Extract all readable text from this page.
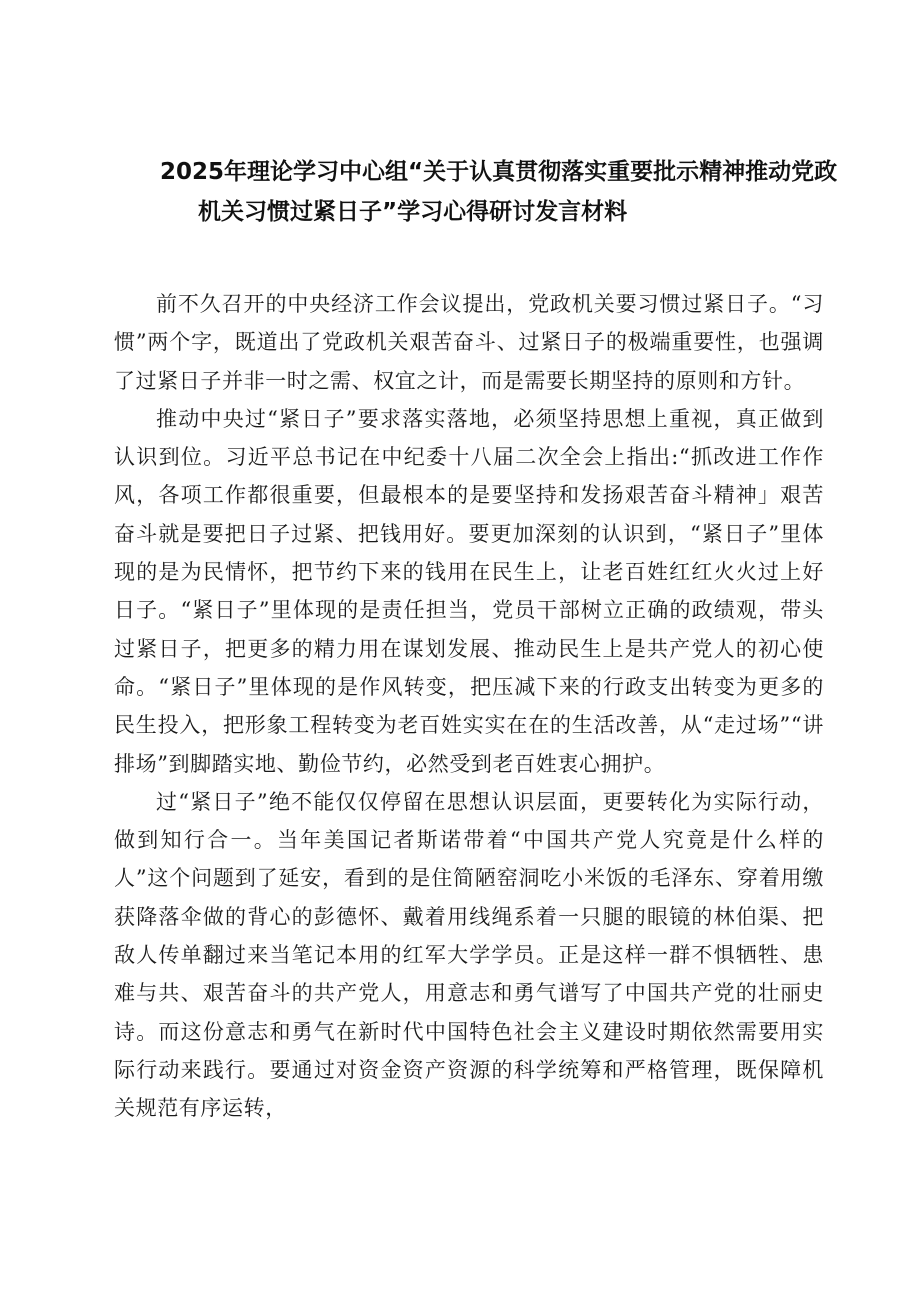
2025年理论学习中心组“关于认真贯彻落实重要批示精神推动党政
机关习惯过紧日子”学习心得研讨发言材料

前不久召开的中央经济工作会议提出，党政机关要习惯过紧日子。“习惯”两个字，既道出了党政机关艰苦奋斗、过紧日子的极端重要性，也强调了过紧日子并非一时之需、权宜之计，而是需要长期坚持的原则和方针。

推动中央过“紧日子”要求落实落地，必须坚持思想上重视，真正做到认识到位。习近平总书记在中纪委十八届二次全会上指出:“抓改进工作作风，各项工作都很重要，但最根本的是要坚持和发扬艰苦奋斗精神」艰苦奋斗就是要把日子过紧、把钱用好。要更加深刻的认识到，“紧日子”里体现的是为民情怀，把节约下来的钱用在民生上，让老百姓红红火火过上好日子。“紧日子”里体现的是责任担当，党员干部树立正确的政绩观，带头过紧日子，把更多的精力用在谋划发展、推动民生上是共产党人的初心使命。“紧日子”里体现的是作风转变，把压减下来的行政支出转变为更多的民生投入，把形象工程转变为老百姓实实在在的生活改善，从“走过场”“讲排场”到脚踏实地、勤俭节约，必然受到老百姓衷心拥护。

过“紧日子”绝不能仅仅停留在思想认识层面，更要转化为实际行动，做到知行合一。当年美国记者斯诺带着“中国共产党人究竟是什么样的人”这个问题到了延安，看到的是住简陋窑洞吃小米饭的毛泽东、穿着用缴获降落伞做的背心的彭德怀、戴着用线绳系着一只腿的眼镜的林伯渠、把敌人传单翻过来当笔记本用的红军大学学员。正是这样一群不惧牺牲、患难与共、艰苦奋斗的共产党人，用意志和勇气谱写了中国共产党的壮丽史诗。而这份意志和勇气在新时代中国特色社会主义建设时期依然需要用实际行动来践行。要通过对资金资产资源的科学统筹和严格管理，既保障机关规范有序运转，
